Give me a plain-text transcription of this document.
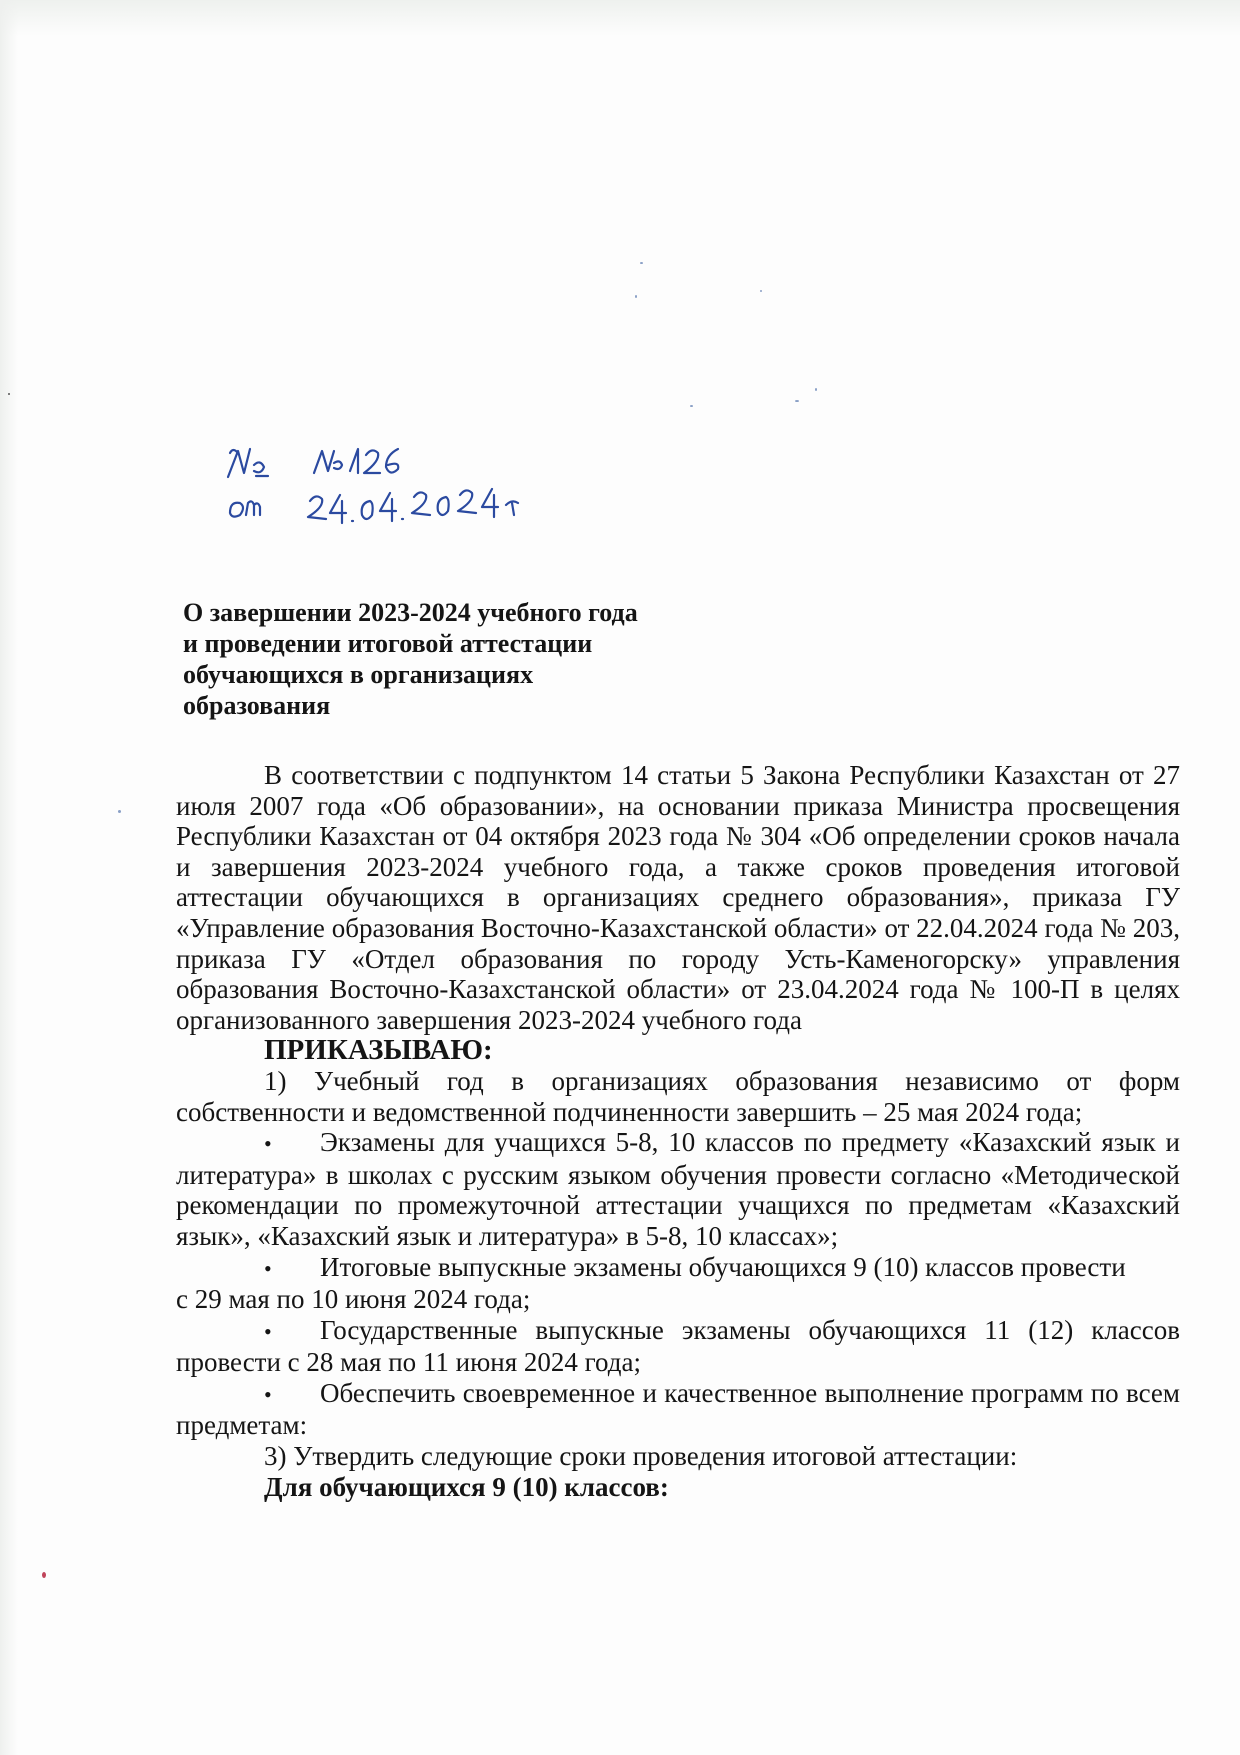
О завершении 2023-2024 учебного года
и проведении итоговой аттестации
обучающихся в организациях
образования

В соответствии с подпунктом 14 статьи 5 Закона Республики Казахстан от 27 июля 2007 года «Об образовании», на основании приказа Министра просвещения Республики Казахстан от 04 октября 2023 года № 304 «Об определении сроков начала и завершения 2023-2024 учебного года, а также сроков проведения итоговой аттестации обучающихся в организациях среднего образования», приказа ГУ «Управление образования Восточно-Казахстанской области» от 22.04.2024 года № 203, приказа ГУ «Отдел образования по городу Усть-Каменогорску» управления образования Восточно-Казахстанской области» от 23.04.2024 года № 100-П в целях организованного завершения 2023-2024 учебного года

ПРИКАЗЫВАЮ:

1) Учебный год в организациях образования независимо от форм собственности и ведомственной подчиненности завершить – 25 мая 2024 года;

• Экзамены для учащихся 5-8, 10 классов по предмету «Казахский язык и литература» в школах с русским языком обучения провести согласно «Методической рекомендации по промежуточной аттестации учащихся по предметам «Казахский язык», «Казахский язык и литература» в 5-8, 10 классах»;

• Итоговые выпускные экзамены обучающихся 9 (10) классов провести

с 29 мая по 10 июня 2024 года;

• Государственные выпускные экзамены обучающихся 11 (12) классов провести с 28 мая по 11 июня 2024 года;

• Обеспечить своевременное и качественное выполнение программ по всем предметам:

3) Утвердить следующие сроки проведения итоговой аттестации:

Для обучающихся 9 (10) классов:
